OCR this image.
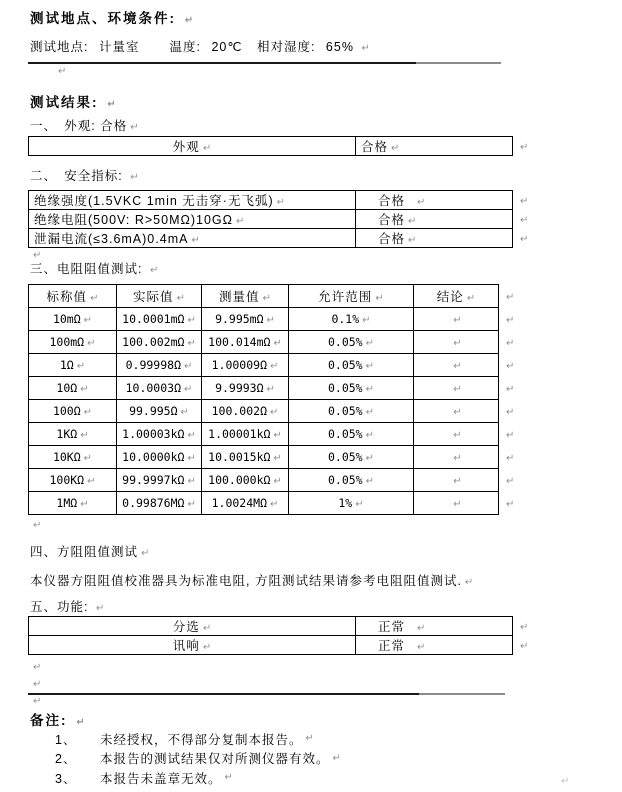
测试地点、环境条件: ↵
测试地点: 计量室 温度: 20℃ 相对湿度: 65% ↵
↵
测试结果: ↵
一、　外观: 合格 ↵
外观 ↵	合格 ↵	↵
二、　安全指标: ↵
绝缘强度(1.5VKC 1min 无击穿·无飞弧) ↵	合格 ↵	↵
绝缘电阻(500V: R>50MΩ)10GΩ ↵	合格 ↵	↵
泄漏电流(≤3.6mA)0.4mA ↵	合格 ↵	↵
↵
三、电阻阻值测试: ↵
标称值 ↵	实际值 ↵	测量值 ↵	允许范围 ↵	结论 ↵	↵
10mΩ ↵	10.0001mΩ ↵	9.995mΩ ↵	0.1% ↵	↵	↵
100mΩ ↵	100.002mΩ ↵	100.014mΩ ↵	0.05% ↵	↵	↵
1Ω ↵	0.99998Ω ↵	1.00009Ω ↵	0.05% ↵	↵	↵
10Ω ↵	10.0003Ω ↵	9.9993Ω ↵	0.05% ↵	↵	↵
100Ω ↵	99.995Ω ↵	100.002Ω ↵	0.05% ↵	↵	↵
1KΩ ↵	1.00003kΩ ↵	1.00001kΩ ↵	0.05% ↵	↵	↵
10KΩ ↵	10.0000kΩ ↵	10.0015kΩ ↵	0.05% ↵	↵	↵
100KΩ ↵	99.9997kΩ ↵	100.000kΩ ↵	0.05% ↵	↵	↵
1MΩ ↵	0.99876MΩ ↵	1.0024MΩ ↵	1% ↵	↵	↵
↵
四、方阻阻值测试 ↵
本仪器方阻阻值校准器具为标准电阻, 方阻测试结果请参考电阻阻值测试. ↵
五、功能: ↵
分选 ↵	正常 ↵	↵
讯响 ↵	正常 ↵	↵
↵
↵
↵
备注: ↵
1、	未经授权，不得部分复制本报告。 ↵
2、	本报告的测试结果仅对所测仪器有效。 ↵
3、	本报告未盖章无效。 ↵	↵
